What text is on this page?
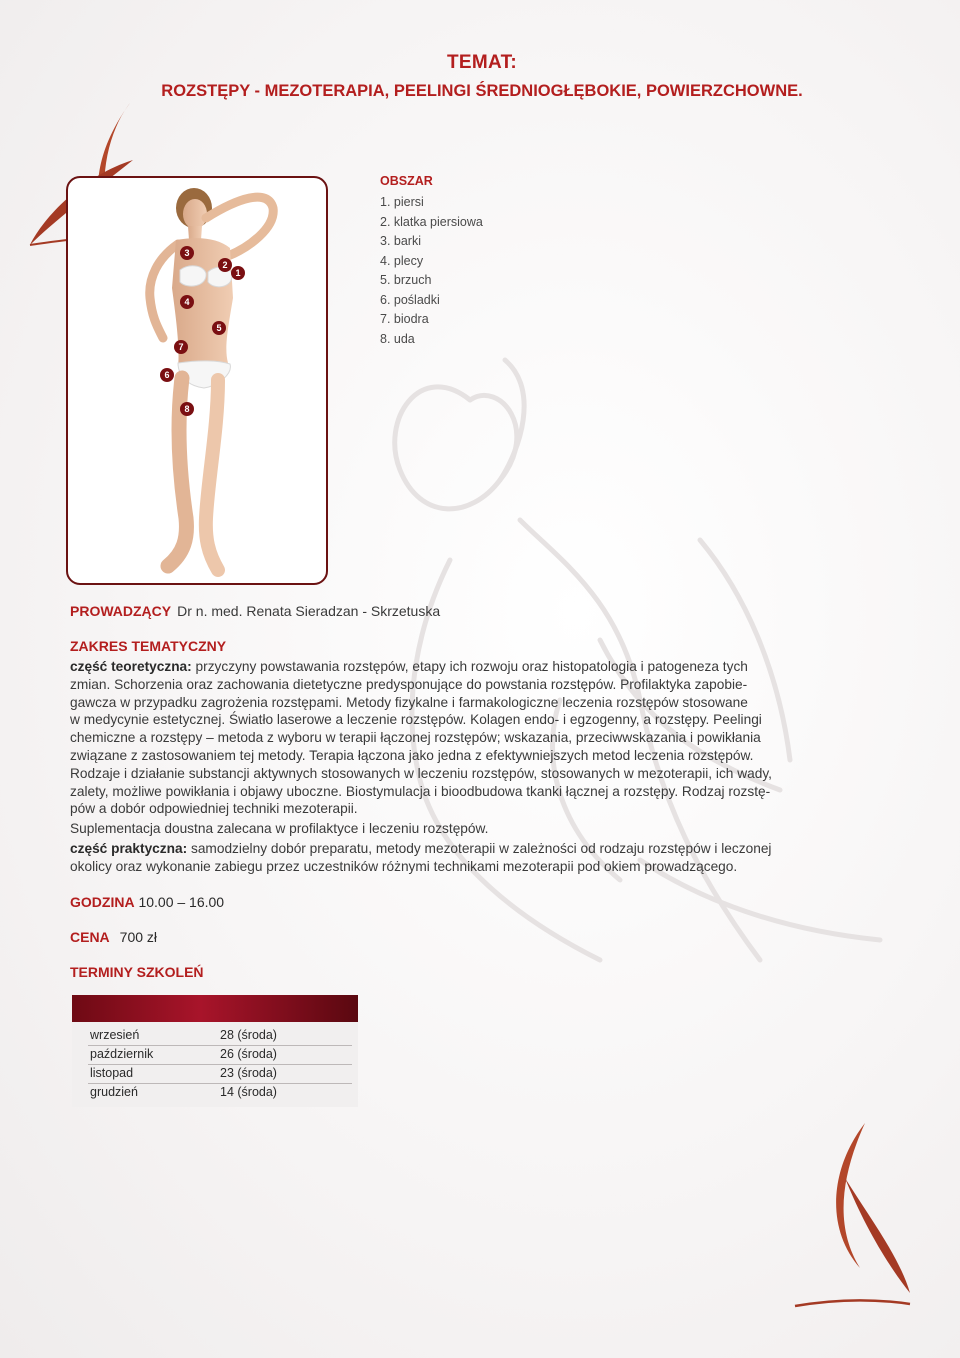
TEMAT:
ROZSTĘPY - MEZOTERAPIA, PEELINGI ŚREDNIOGŁĘBOKIE, POWIERZCHOWNE.
3
2
1
4
5
7
6
8
OBSZAR
1. piersi
2. klatka piersiowa
3. barki
4. plecy
5. brzuch
6. pośladki
7. biodra
8. uda
PROWADZĄCY Dr n. med. Renata Sieradzan - Skrzetuska
ZAKRES TEMATYCZNY

część teoretyczna: przyczyny powstawania rozstępów, etapy ich rozwoju oraz histopatologia i patogeneza tych

zmian. Schorzenia oraz zachowania dietetyczne predysponujące do powstania rozstępów. Profilaktyka zapobie-

gawcza w przypadku zagrożenia rozstępami. Metody fizykalne i farmakologiczne leczenia rozstępów stosowane

w medycynie estetycznej. Światło laserowe a leczenie rozstępów. Kolagen endo- i egzogenny, a rozstępy. Peelingi

chemiczne a rozstępy – metoda z wyboru w terapii łączonej rozstępów; wskazania, przeciwwskazania i powikłania

związane z zastosowaniem tej metody. Terapia łączona jako jedna z efektywniejszych metod leczenia rozstępów.

Rodzaje i działanie substancji aktywnych stosowanych w leczeniu rozstępów, stosowanych w mezoterapii, ich wady,

zalety, możliwe powikłania i objawy uboczne. Biostymulacja i bioodbudowa tkanki łącznej a rozstępy. Rodzaj rozstę-

pów a dobór odpowiedniej techniki mezoterapii.

Suplementacja doustna zalecana w profilaktyce i leczeniu rozstępów.

część praktyczna: samodzielny dobór preparatu, metody mezoterapii w zależności od rodzaju rozstępów i leczonej

okolicy oraz wykonanie zabiegu przez uczestników różnymi technikami mezoterapii pod okiem prowadzącego.

GODZINA 10.00 – 16.00
CENA 700 zł
TERMINY SZKOLEŃ
wrzesień	28 (środa)
październik	26 (środa)
listopad	23 (środa)
grudzień	14 (środa)
